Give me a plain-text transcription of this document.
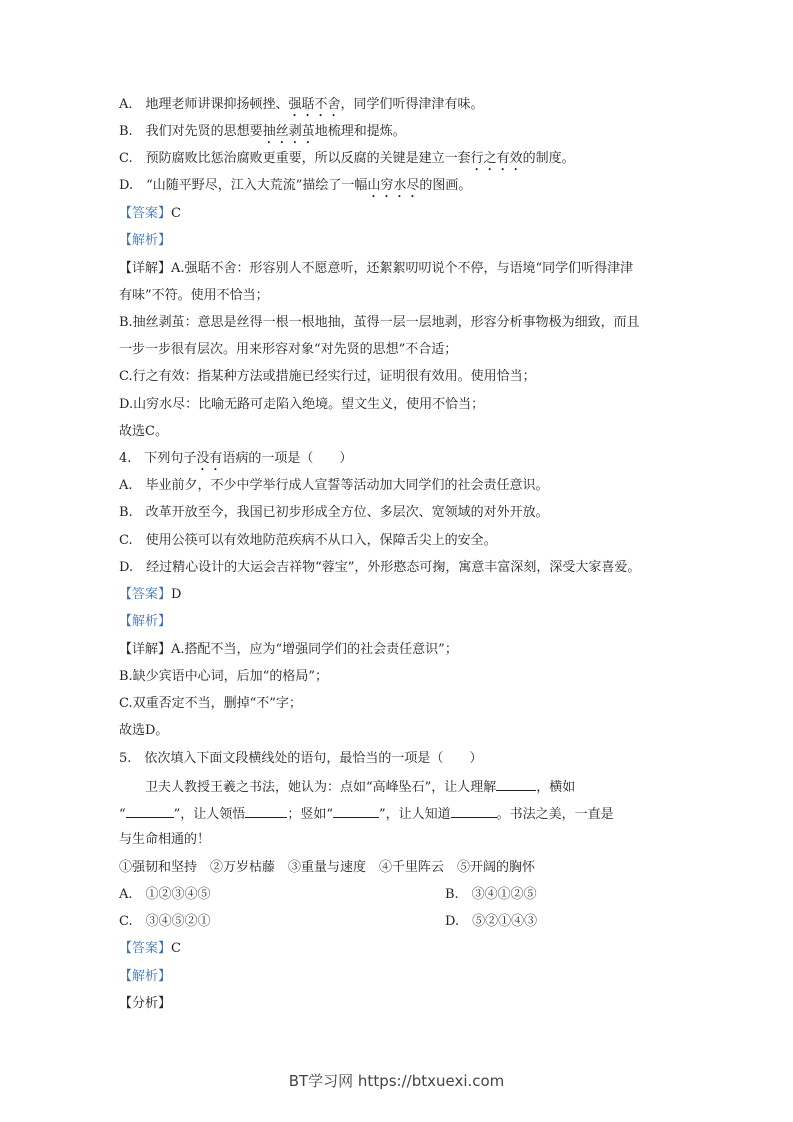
A.　地理老师讲课抑扬顿挫、强聒不舍，同学们听得津津有味。
B.　我们对先贤的思想要抽丝剥茧地梳理和提炼。
C.　预防腐败比惩治腐败更重要，所以反腐的关键是建立一套行之有效的制度。
D.　“山随平野尽，江入大荒流”描绘了一幅山穷水尽的图画。
【答案】C
【解析】
【详解】A.强聒不舍：形容别人不愿意听，还絮絮叨叨说个不停，与语境“同学们听得津津
有味”不符。使用不恰当；
B.抽丝剥茧：意思是丝得一根一根地抽，茧得一层一层地剥，形容分析事物极为细致，而且
一步一步很有层次。用来形容对象“对先贤的思想”不合适；
C.行之有效：指某种方法或措施已经实行过，证明很有效用。使用恰当；
D.山穷水尽：比喻无路可走陷入绝境。望文生义，使用不恰当；
故选C。
4.　下列句子没有语病的一项是（　　）
A.　毕业前夕，不少中学举行成人宣誓等活动加大同学们的社会责任意识。
B.　改革开放至今，我国已初步形成全方位、多层次、宽领域的对外开放。
C.　使用公筷可以有效地防范疾病不从口入，保障舌尖上的安全。
D.　经过精心设计的大运会吉祥物“蓉宝”，外形憨态可掬，寓意丰富深刻，深受大家喜爱。
【答案】D
【解析】
【详解】A.搭配不当，应为“增强同学们的社会责任意识”；
B.缺少宾语中心词，后加“的格局”；
C.双重否定不当，删掉“不”字；
故选D。
5.　依次填入下面文段横线处的语句，最恰当的一项是（　　）
卫夫人教授王羲之书法，她认为：点如“高峰坠石”，让人理解	，横如
“	”，让人领悟	；竖如“	”，让人知道	。书法之美，一直是
与生命相通的！
①强韧和坚持　②万岁枯藤　③重量与速度　④千里阵云　⑤开阔的胸怀
A.　①②③④⑤	B.　③④①②⑤
C.　③④⑤②①	D.　⑤②①④③
【答案】C
【解析】
【分析】
BT学习网 https://btxuexi.com
